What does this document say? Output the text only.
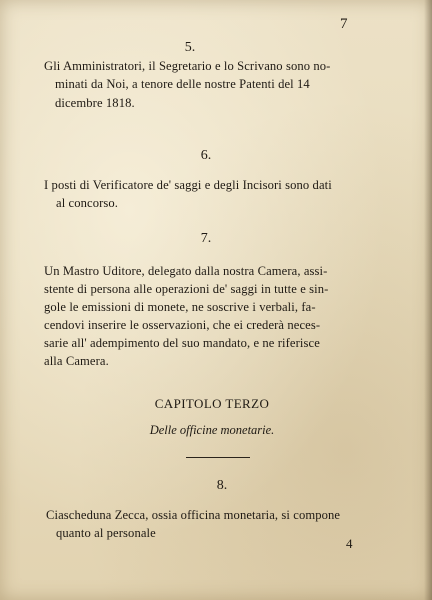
7
5.
Gli Amministratori, il Segretario e lo Scrivano sono no-
minati da Noi, a tenore delle nostre Patenti del 14
dicembre 1818.
6.
I posti di Verificatore de' saggi e degli Incisori sono dati
al concorso.
7.
Un Mastro Uditore, delegato dalla nostra Camera, assi-
stente di persona alle operazioni de' saggi in tutte e sin-
gole le emissioni di monete, ne soscrive i verbali, fa-
cendovi inserire le osservazioni, che ei crederà neces-
sarie all' adempimento del suo mandato, e ne riferisce
alla Camera.
CAPITOLO TERZO
Delle officine monetarie.
8.
Ciascheduna Zecca, ossia officina monetaria, si compone
quanto al personale
4
